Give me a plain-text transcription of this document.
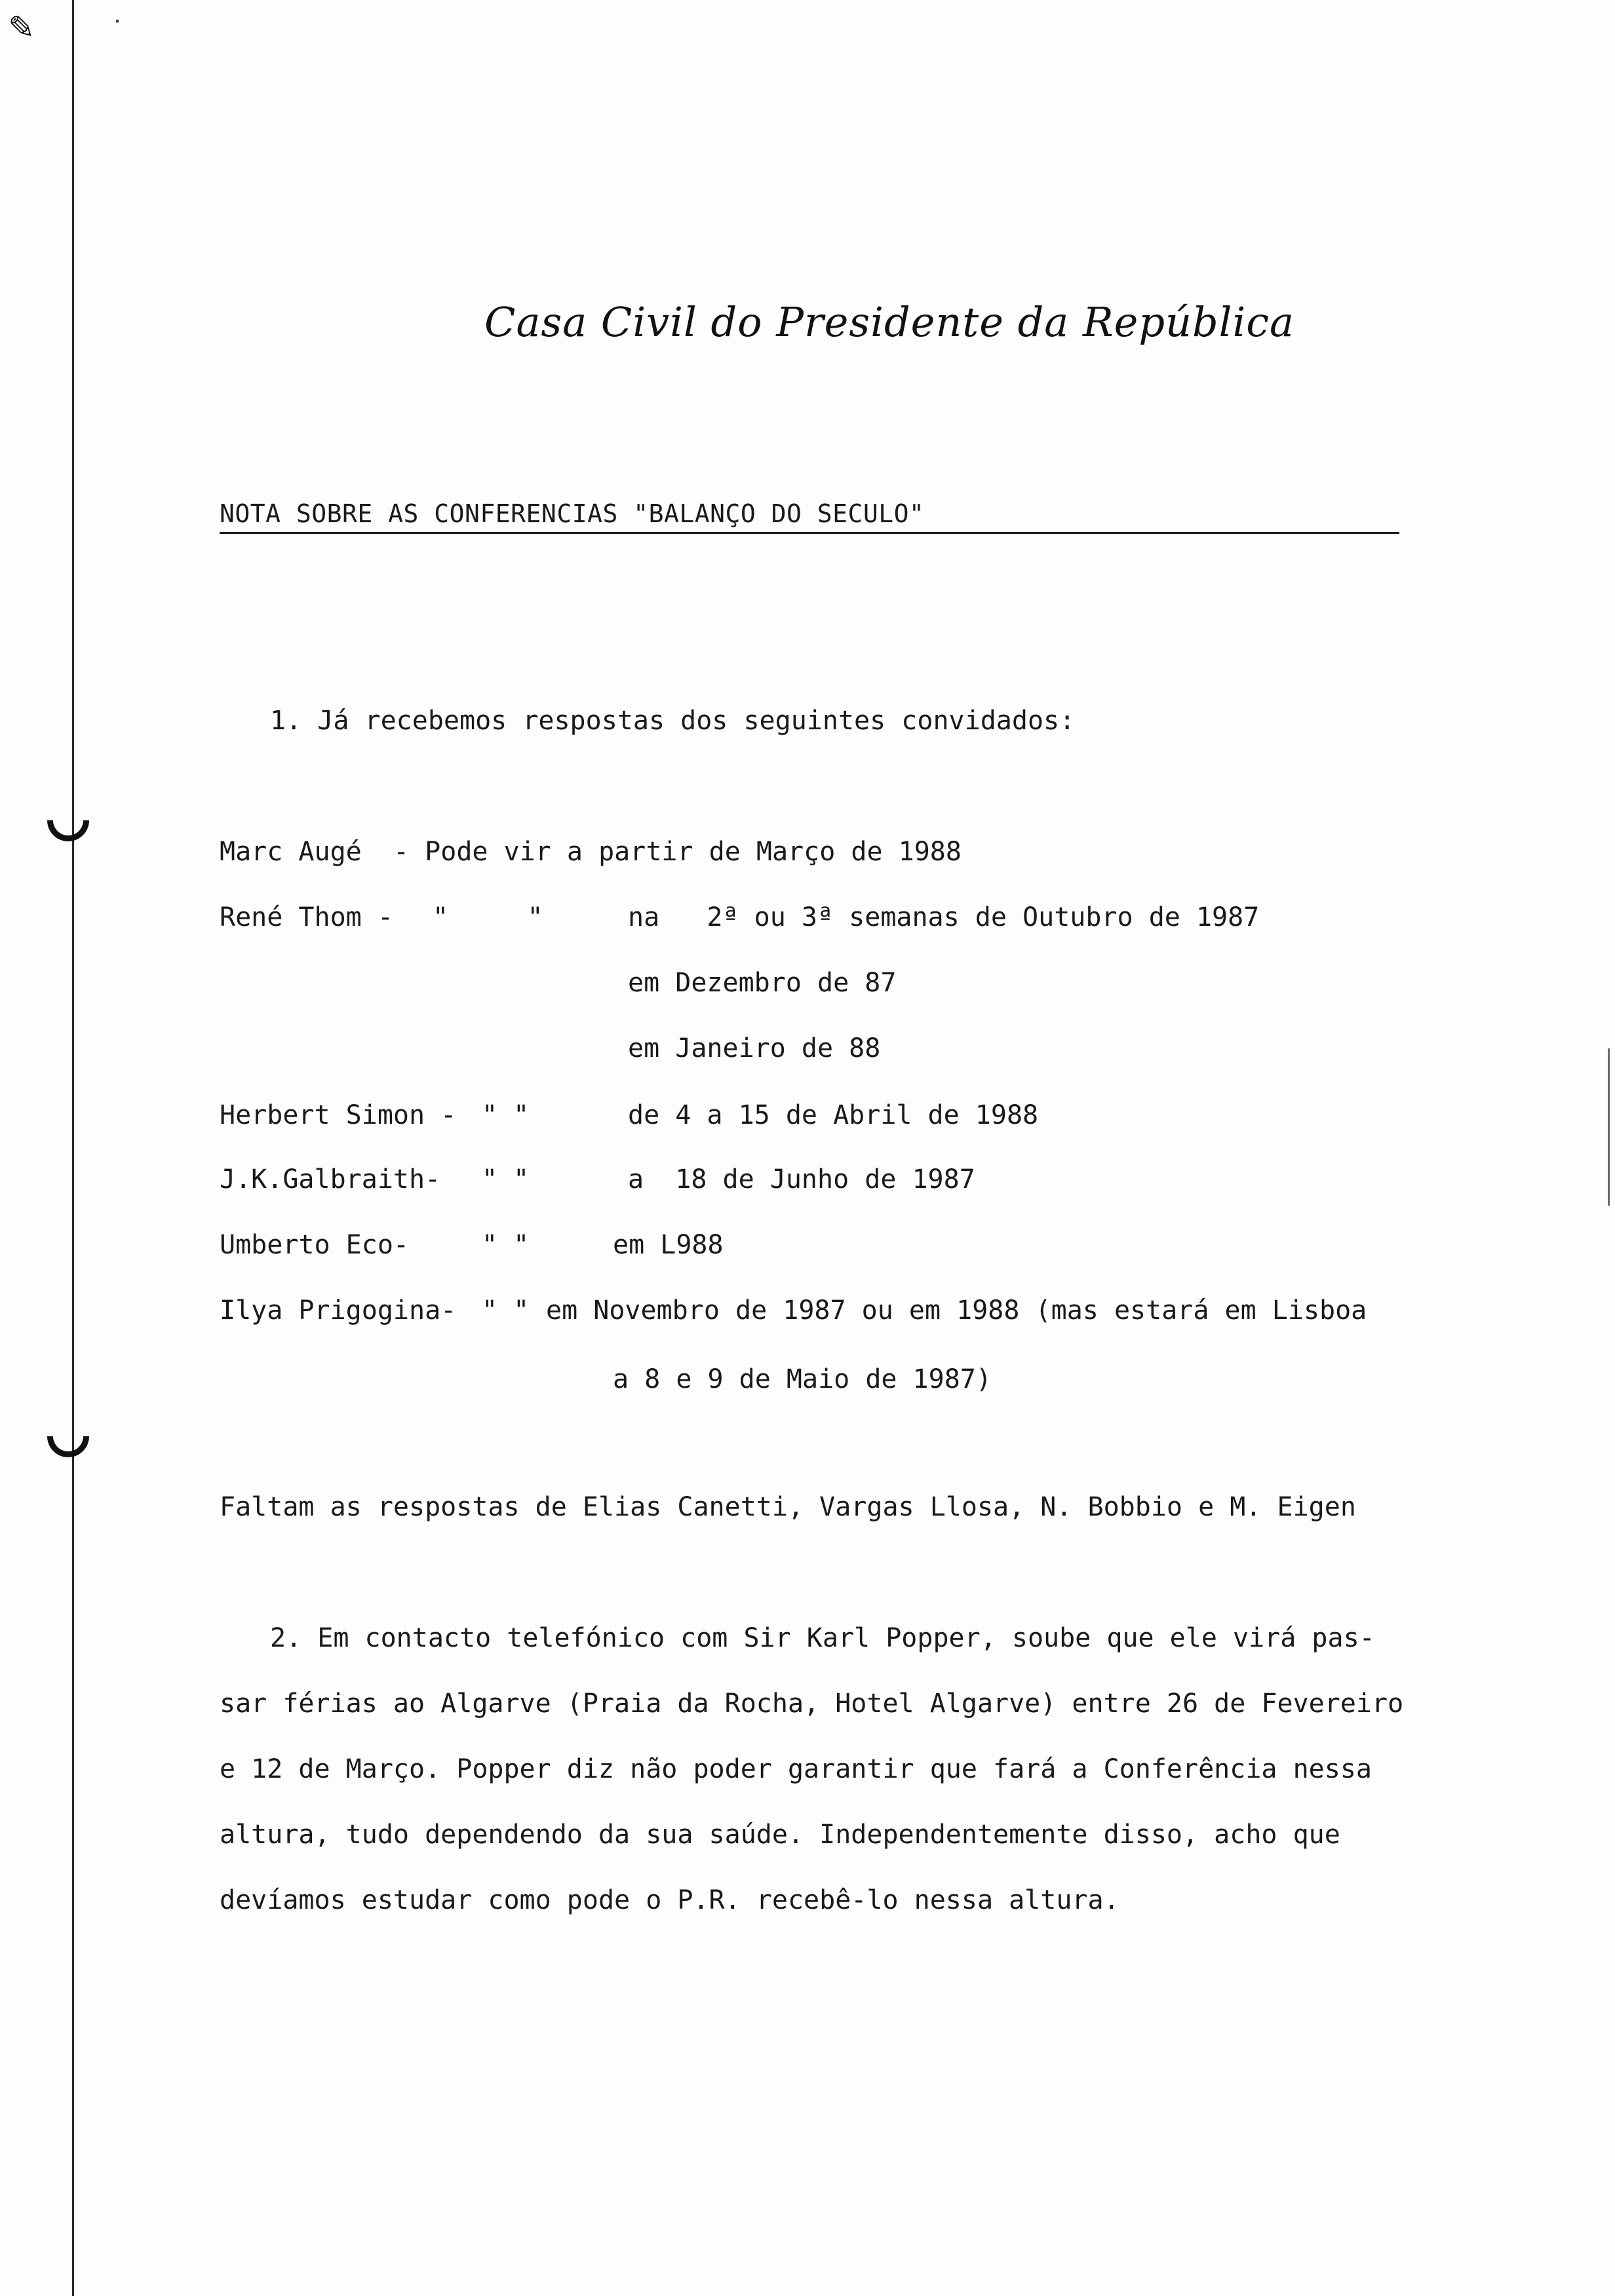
✎	·
Casa Civil do Presidente da República
NOTA SOBRE AS CONFERENCIAS "BALANÇO DO SECULO"
1. Já recebemos respostas dos seguintes convidados:
Marc Augé - Pode vir a partir de Março de 1988
René Thom - "     "	na   2ª ou 3ª semanas de Outubro de 1987
em Dezembro de 87
em Janeiro de 88
Herbert Simon - " "	de 4 a 15 de Abril de 1988
J.K.Galbraith- " "	a  18 de Junho de 1987
Umberto Eco-	" "	em L988
Ilya Prigogina- " " em Novembro de 1987 ou em 1988 (mas estará em Lisboa
a 8 e 9 de Maio de 1987)
Faltam as respostas de Elias Canetti, Vargas Llosa, N. Bobbio e M. Eigen
2. Em contacto telefónico com Sir Karl Popper, soube que ele virá pas-
sar férias ao Algarve (Praia da Rocha, Hotel Algarve) entre 26 de Fevereiro
e 12 de Março. Popper diz não poder garantir que fará a Conferência nessa
altura, tudo dependendo da sua saúde. Independentemente disso, acho que
devíamos estudar como pode o P.R. recebê-lo nessa altura.
